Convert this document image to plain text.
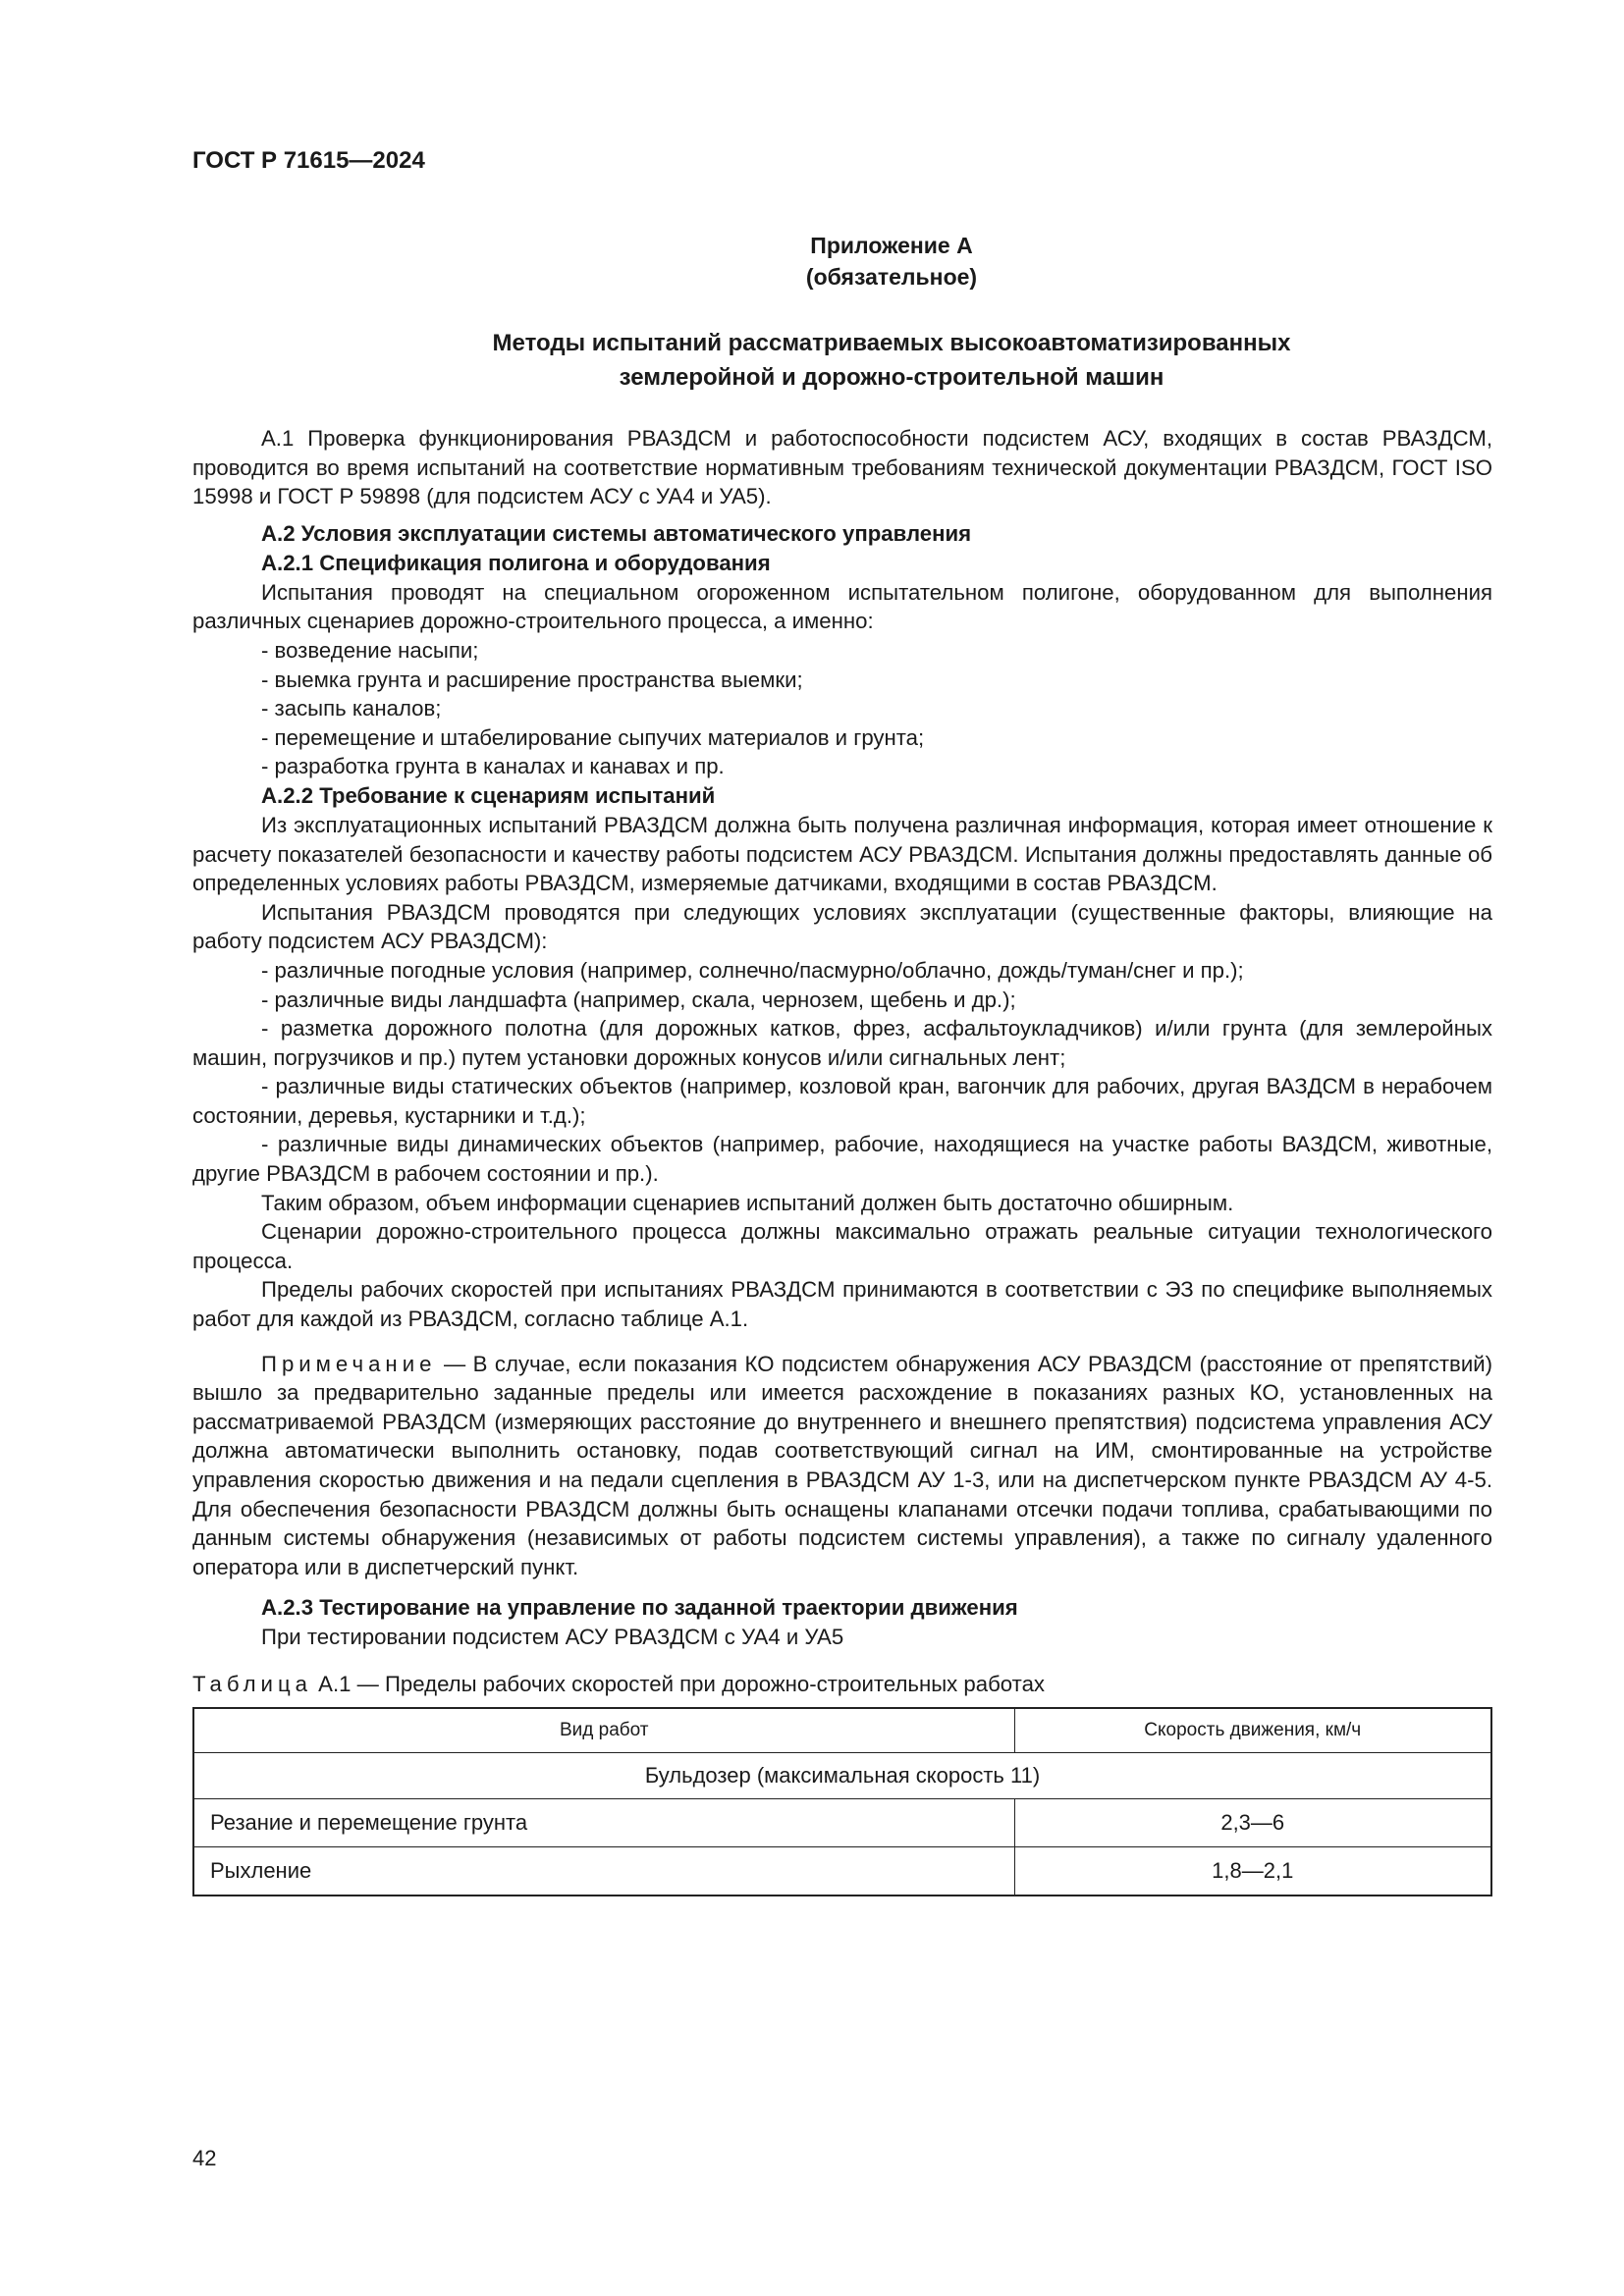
ГОСТ Р 71615—2024
Приложение А
(обязательное)
Методы испытаний рассматриваемых высокоавтоматизированных
землеройной и дорожно-строительной машин

А.1 Проверка функционирования РВАЗДСМ и работоспособности подсистем АСУ, входящих в состав РВАЗДСМ, проводится во время испытаний на соответствие нормативным требованиям технической документации РВАЗДСМ, ГОСТ ISO 15998 и ГОСТ Р 59898 (для подсистем АСУ с УА4 и УА5).

А.2 Условия эксплуатации системы автоматического управления
А.2.1 Спецификация полигона и оборудования

Испытания проводят на специальном огороженном испытательном полигоне, оборудованном для выполнения различных сценариев дорожно-строительного процесса, а именно:

- возведение насыпи;
- выемка грунта и расширение пространства выемки;
- засыпь каналов;
- перемещение и штабелирование сыпучих материалов и грунта;
- разработка грунта в каналах и канавах и пр.
А.2.2 Требование к сценариям испытаний

Из эксплуатационных испытаний РВАЗДСМ должна быть получена различная информация, которая имеет отношение к расчету показателей безопасности и качеству работы подсистем АСУ РВАЗДСМ. Испытания должны предоставлять данные об определенных условиях работы РВАЗДСМ, измеряемые датчиками, входящими в состав РВАЗДСМ.

Испытания РВАЗДСМ проводятся при следующих условиях эксплуатации (существенные факторы, влияющие на работу подсистем АСУ РВАЗДСМ):

- различные погодные условия (например, солнечно/пасмурно/облачно, дождь/туман/снег и пр.);

- различные виды ландшафта (например, скала, чернозем, щебень и др.);

- разметка дорожного полотна (для дорожных катков, фрез, асфальтоукладчиков) и/или грунта (для землеройных машин, погрузчиков и пр.) путем установки дорожных конусов и/или сигнальных лент;

- различные виды статических объектов (например, козловой кран, вагончик для рабочих, другая ВАЗДСМ в нерабочем состоянии, деревья, кустарники и т.д.);

- различные виды динамических объектов (например, рабочие, находящиеся на участке работы ВАЗДСМ, животные, другие РВАЗДСМ в рабочем состоянии и пр.).

Таким образом, объем информации сценариев испытаний должен быть достаточно обширным.

Сценарии дорожно-строительного процесса должны максимально отражать реальные ситуации технологического процесса.

Пределы рабочих скоростей при испытаниях РВАЗДСМ принимаются в соответствии с ЭЗ по специфике выполняемых работ для каждой из РВАЗДСМ, согласно таблице А.1.

Примечание — В случае, если показания КО подсистем обнаружения АСУ РВАЗДСМ (расстояние от препятствий) вышло за предварительно заданные пределы или имеется расхождение в показаниях разных КО, установленных на рассматриваемой РВАЗДСМ (измеряющих расстояние до внутреннего и внешнего препятствия) подсистема управления АСУ должна автоматически выполнить остановку, подав соответствующий сигнал на ИМ, смонтированные на устройстве управления скоростью движения и на педали сцепления в РВАЗДСМ АУ 1-3, или на диспетчерском пункте РВАЗДСМ АУ 4-5. Для обеспечения безопасности РВАЗДСМ должны быть оснащены клапанами отсечки подачи топлива, срабатывающими по данным системы обнаружения (независимых от работы подсистем системы управления), а также по сигналу удаленного оператора или в диспетчерский пункт.

А.2.3 Тестирование на управление по заданной траектории движения

При тестировании подсистем АСУ РВАЗДСМ с УА4 и УА5

Таблица А.1 — Пределы рабочих скоростей при дорожно-строительных работах
Вид работ	Скорость движения, км/ч
Бульдозер (максимальная скорость 11)	
Резание и перемещение грунта	2,3—6
Рыхление	1,8—2,1
42
